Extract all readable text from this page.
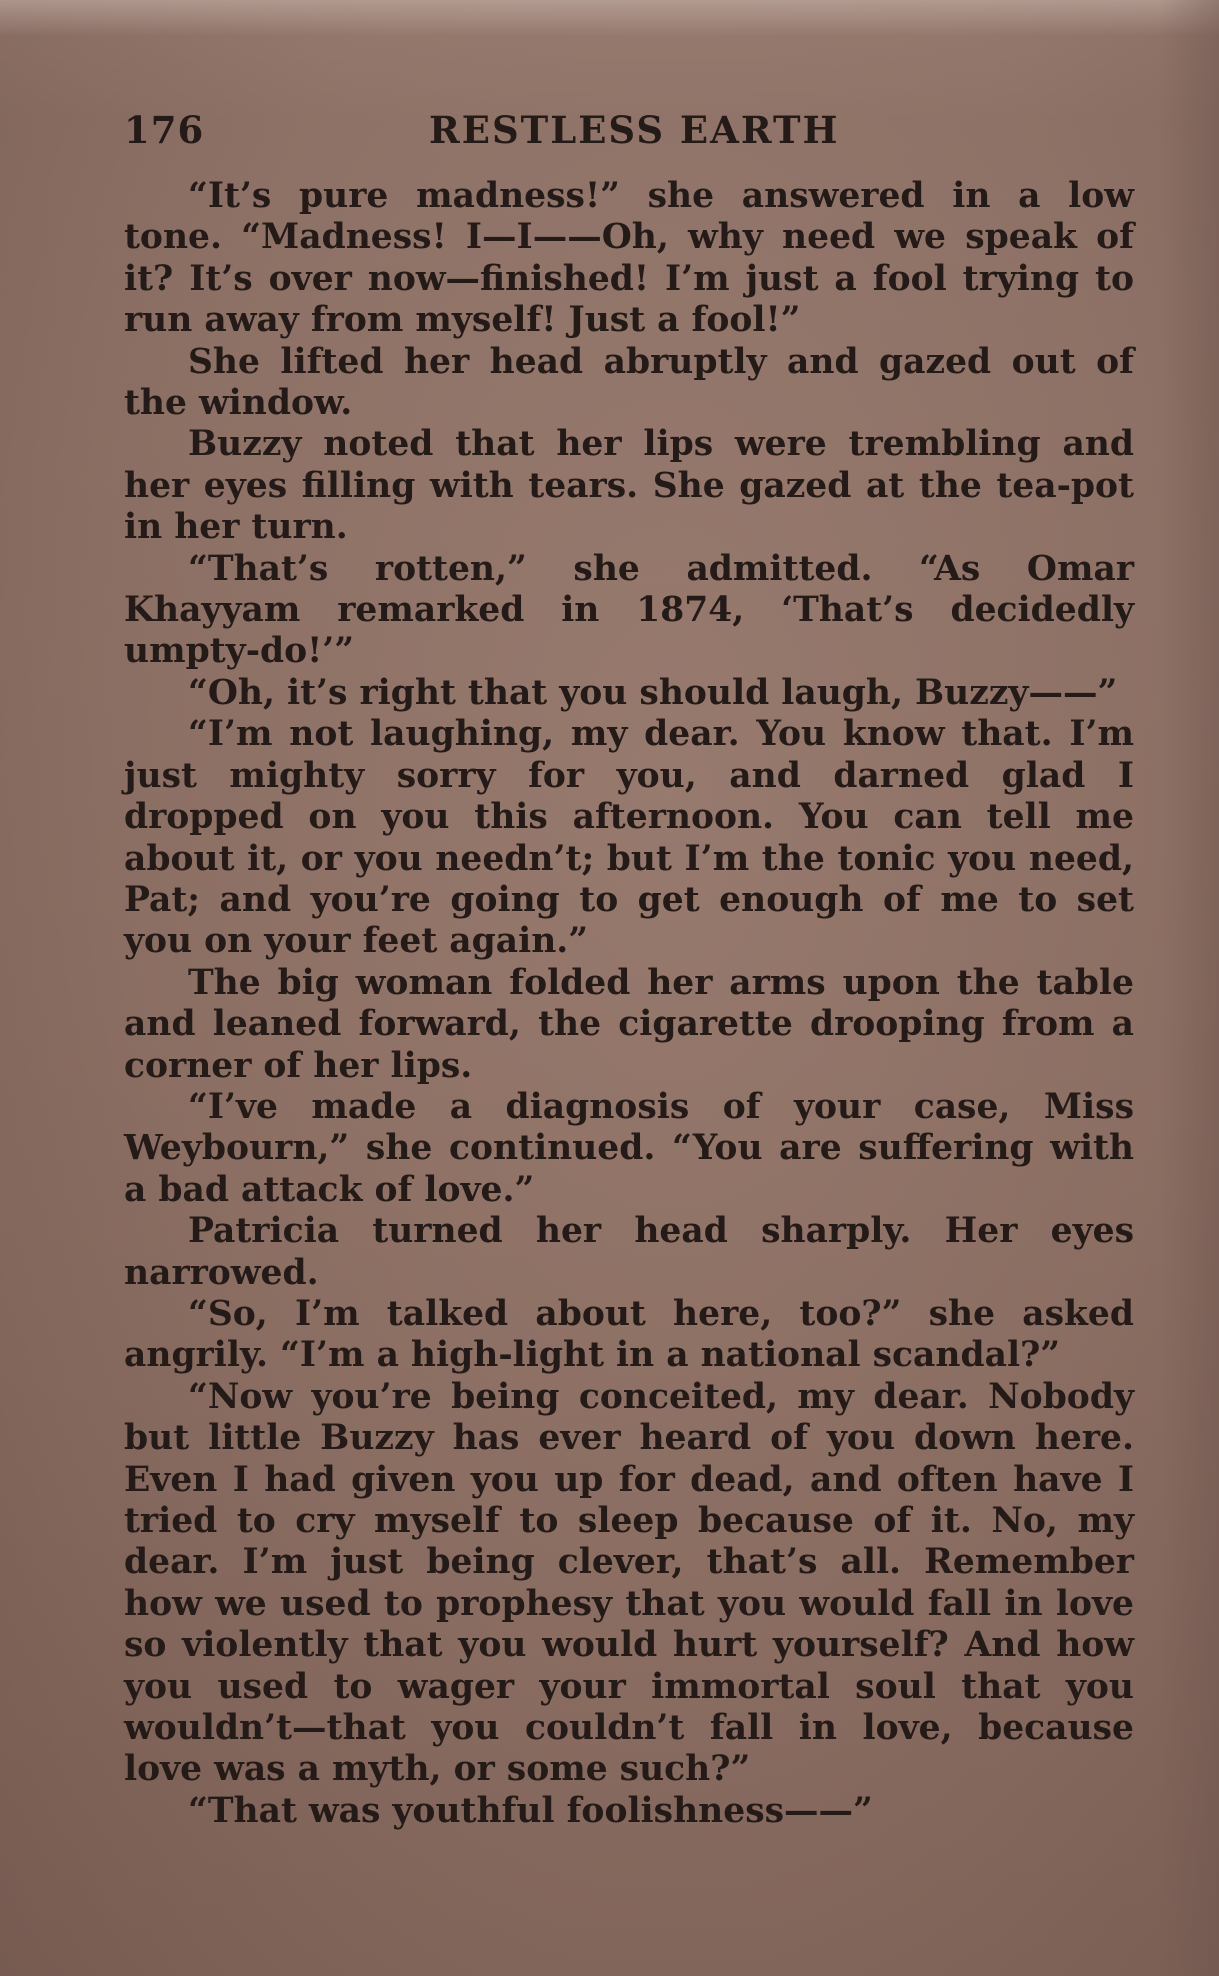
176	RESTLESS EARTH

“It’s pure madness!” she answered in a low tone. “Madness! I—I——Oh, why need we speak of it? It’s over now—finished! I’m just a fool trying to run away from myself! Just a fool!”

She lifted her head abruptly and gazed out of the window.

Buzzy noted that her lips were trembling and her eyes filling with tears. She gazed at the tea-pot in her turn.

“That’s rotten,” she admitted. “As Omar Khayyam remarked in 1874, ‘That’s decidedly umpty-do!’”

“Oh, it’s right that you should laugh, Buzzy——”

“I’m not laughing, my dear. You know that. I’m just mighty sorry for you, and darned glad I dropped on you this afternoon. You can tell me about it, or you needn’t; but I’m the tonic you need, Pat; and you’re going to get enough of me to set you on your feet again.”

The big woman folded her arms upon the table and leaned forward, the cigarette drooping from a corner of her lips.

“I’ve made a diagnosis of your case, Miss Weybourn,” she continued. “You are suffering with a bad attack of love.”

Patricia turned her head sharply. Her eyes narrowed.

“So, I’m talked about here, too?” she asked angrily. “I’m a high-light in a national scandal?”

“Now you’re being conceited, my dear. Nobody but little Buzzy has ever heard of you down here. Even I had given you up for dead, and often have I tried to cry myself to sleep because of it. No, my dear. I’m just being clever, that’s all. Remember how we used to prophesy that you would fall in love so violently that you would hurt yourself? And how you used to wager your immortal soul that you wouldn’t—that you couldn’t fall in love, because love was a myth, or some such?”

“That was youthful foolishness——”
